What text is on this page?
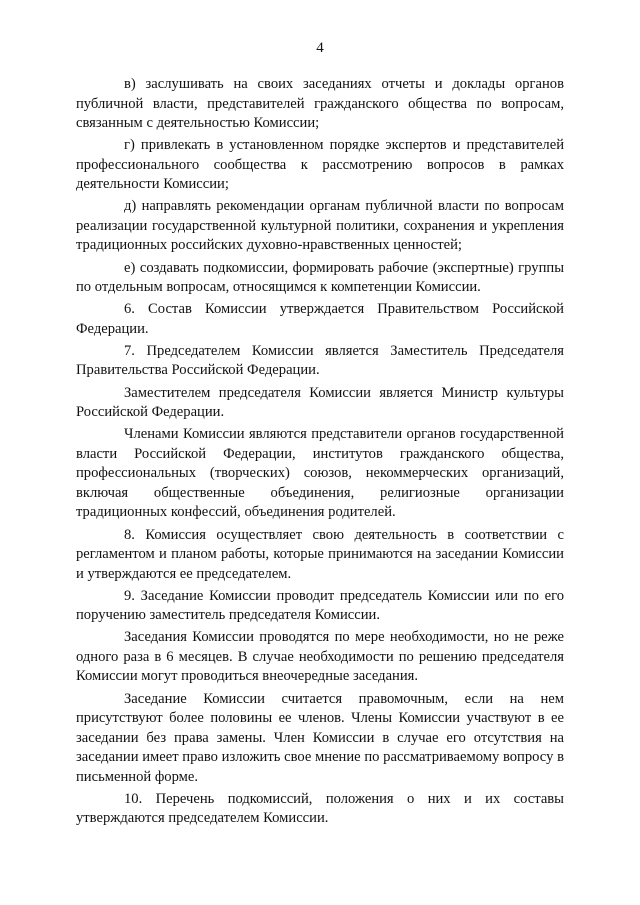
4

в) заслушивать на своих заседаниях отчеты и доклады органов публичной власти, представителей гражданского общества по вопросам, связанным с деятельностью Комиссии;

г) привлекать в установленном порядке экспертов и представителей профессионального сообщества к рассмотрению вопросов в рамках деятельности Комиссии;

д) направлять рекомендации органам публичной власти по вопросам реализации государственной культурной политики, сохранения и укрепления традиционных российских духовно-нравственных ценностей;

е) создавать подкомиссии, формировать рабочие (экспертные) группы по отдельным вопросам, относящимся к компетенции Комиссии.

6. Состав Комиссии утверждается Правительством Российской Федерации.

7. Председателем Комиссии является Заместитель Председателя Правительства Российской Федерации.

Заместителем председателя Комиссии является Министр культуры Российской Федерации.

Членами Комиссии являются представители органов государственной власти Российской Федерации, институтов гражданского общества, профессиональных (творческих) союзов, некоммерческих организаций, включая общественные объединения, религиозные организации традиционных конфессий, объединения родителей.

8. Комиссия осуществляет свою деятельность в соответствии с регламентом и планом работы, которые принимаются на заседании Комиссии и утверждаются ее председателем.

9. Заседание Комиссии проводит председатель Комиссии или по его поручению заместитель председателя Комиссии.

Заседания Комиссии проводятся по мере необходимости, но не реже одного раза в 6 месяцев. В случае необходимости по решению председателя Комиссии могут проводиться внеочередные заседания.

Заседание Комиссии считается правомочным, если на нем присутствуют более половины ее членов. Члены Комиссии участвуют в ее заседании без права замены. Член Комиссии в случае его отсутствия на заседании имеет право изложить свое мнение по рассматриваемому вопросу в письменной форме.

10. Перечень подкомиссий, положения о них и их составы утверждаются председателем Комиссии.
